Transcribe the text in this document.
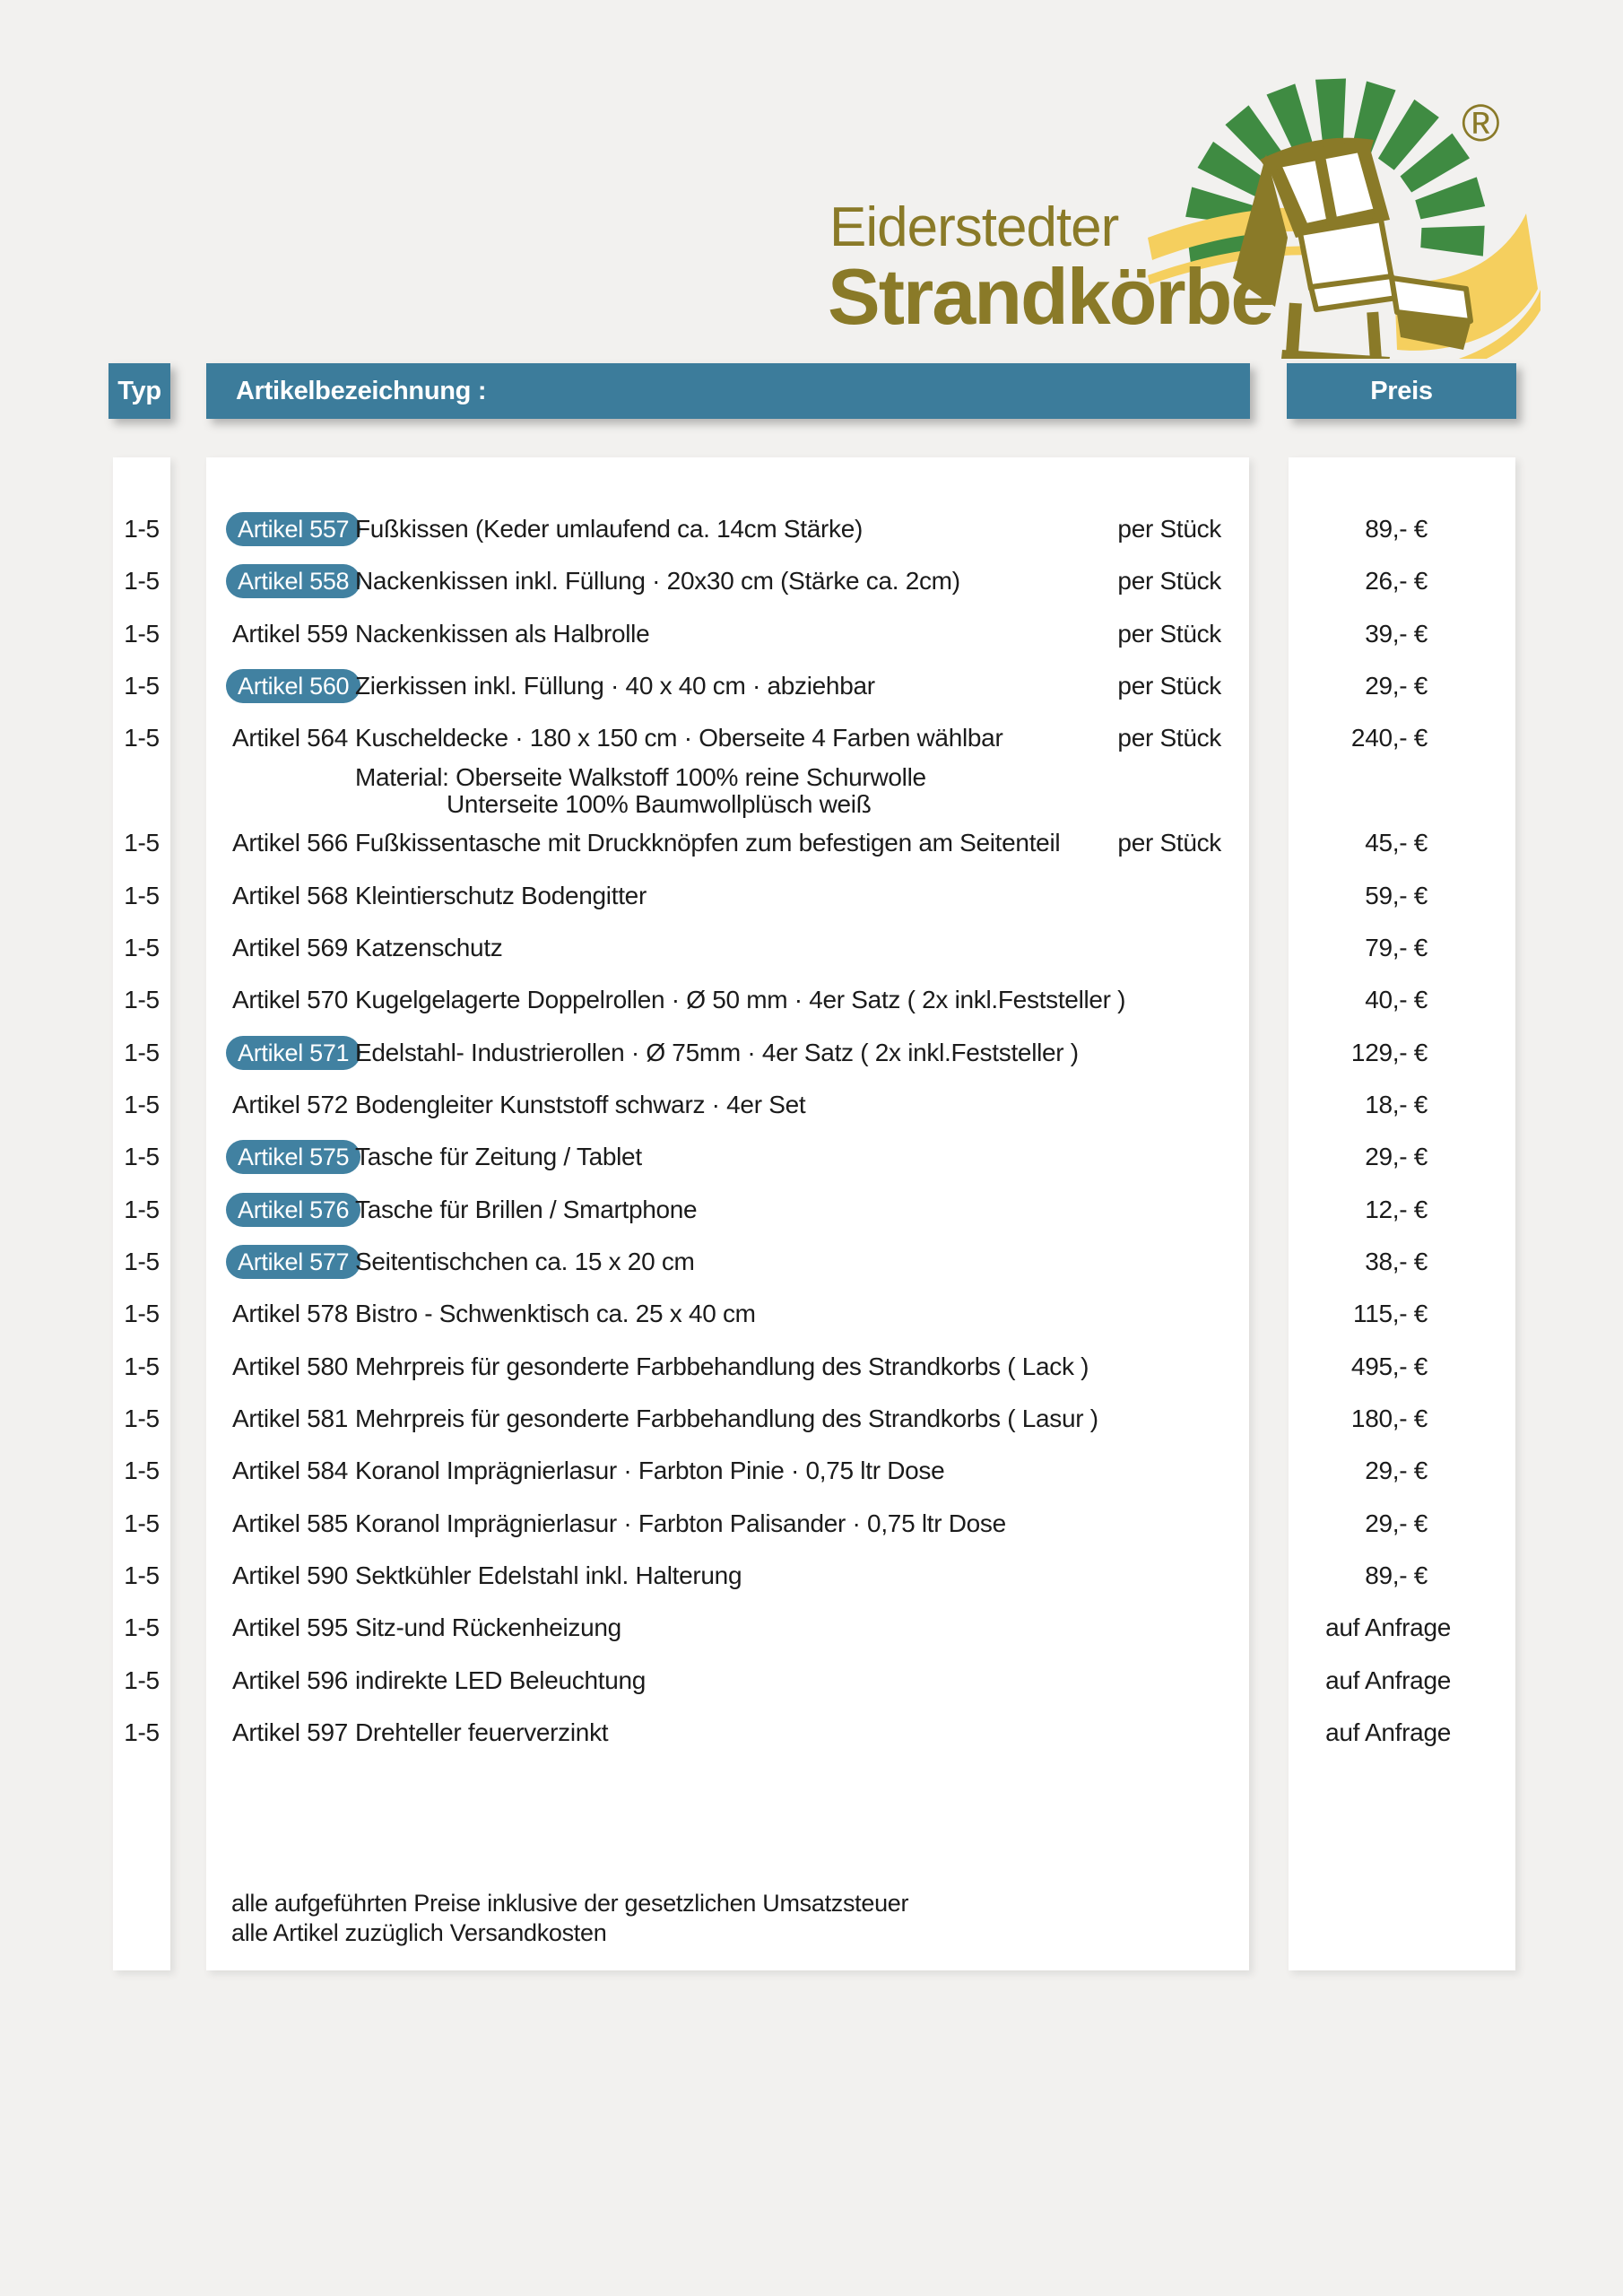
Eiderstedter
Strandkörbe
®
Typ	Artikelbezeichnung :	Preis
1-5	Artikel 557 Fußkissen (Keder umlaufend ca. 14cm Stärke)	per Stück	89,- €
1-5	Artikel 558 Nackenkissen inkl. Füllung · 20x30 cm (Stärke ca. 2cm)	per Stück	26,- €
1-5	Artikel 559 Nackenkissen als Halbrolle	per Stück	39,- €
1-5	Artikel 560 Zierkissen inkl. Füllung · 40 x 40 cm · abziehbar	per Stück	29,- €
1-5	Artikel 564 Kuscheldecke · 180 x 150 cm · Oberseite 4 Farben wählbar	per Stück	240,- €
Material: Oberseite Walkstoff 100% reine Schurwolle
Unterseite 100% Baumwollplüsch weiß
1-5	Artikel 566 Fußkissentasche mit Druckknöpfen zum befestigen am Seitenteil	per Stück	45,- €
1-5	Artikel 568 Kleintierschutz Bodengitter	59,- €
1-5	Artikel 569 Katzenschutz	79,- €
1-5	Artikel 570 Kugelgelagerte Doppelrollen · Ø 50 mm · 4er Satz ( 2x inkl.Feststeller )	40,- €
1-5	Artikel 571 Edelstahl- Industrierollen · Ø 75mm · 4er Satz ( 2x inkl.Feststeller )	129,- €
1-5	Artikel 572 Bodengleiter Kunststoff schwarz · 4er Set	18,- €
1-5	Artikel 575 Tasche für Zeitung / Tablet	29,- €
1-5	Artikel 576 Tasche für Brillen / Smartphone	12,- €
1-5	Artikel 577 Seitentischchen ca. 15 x 20 cm	38,- €
1-5	Artikel 578 Bistro - Schwenktisch ca. 25 x 40 cm	115,- €
1-5	Artikel 580 Mehrpreis für gesonderte Farbbehandlung des Strandkorbs ( Lack )	495,- €
1-5	Artikel 581 Mehrpreis für gesonderte Farbbehandlung des Strandkorbs ( Lasur )	180,- €
1-5	Artikel 584 Koranol Imprägnierlasur · Farbton Pinie · 0,75 ltr Dose	29,- €
1-5	Artikel 585 Koranol Imprägnierlasur · Farbton Palisander · 0,75 ltr Dose	29,- €
1-5	Artikel 590 Sektkühler Edelstahl inkl. Halterung	89,- €
1-5	Artikel 595 Sitz-und Rückenheizung	auf Anfrage
1-5	Artikel 596 indirekte LED Beleuchtung	auf Anfrage
1-5	Artikel 597 Drehteller feuerverzinkt	auf Anfrage
alle aufgeführten Preise inklusive der gesetzlichen Umsatzsteuer
alle Artikel zuzüglich Versandkosten
